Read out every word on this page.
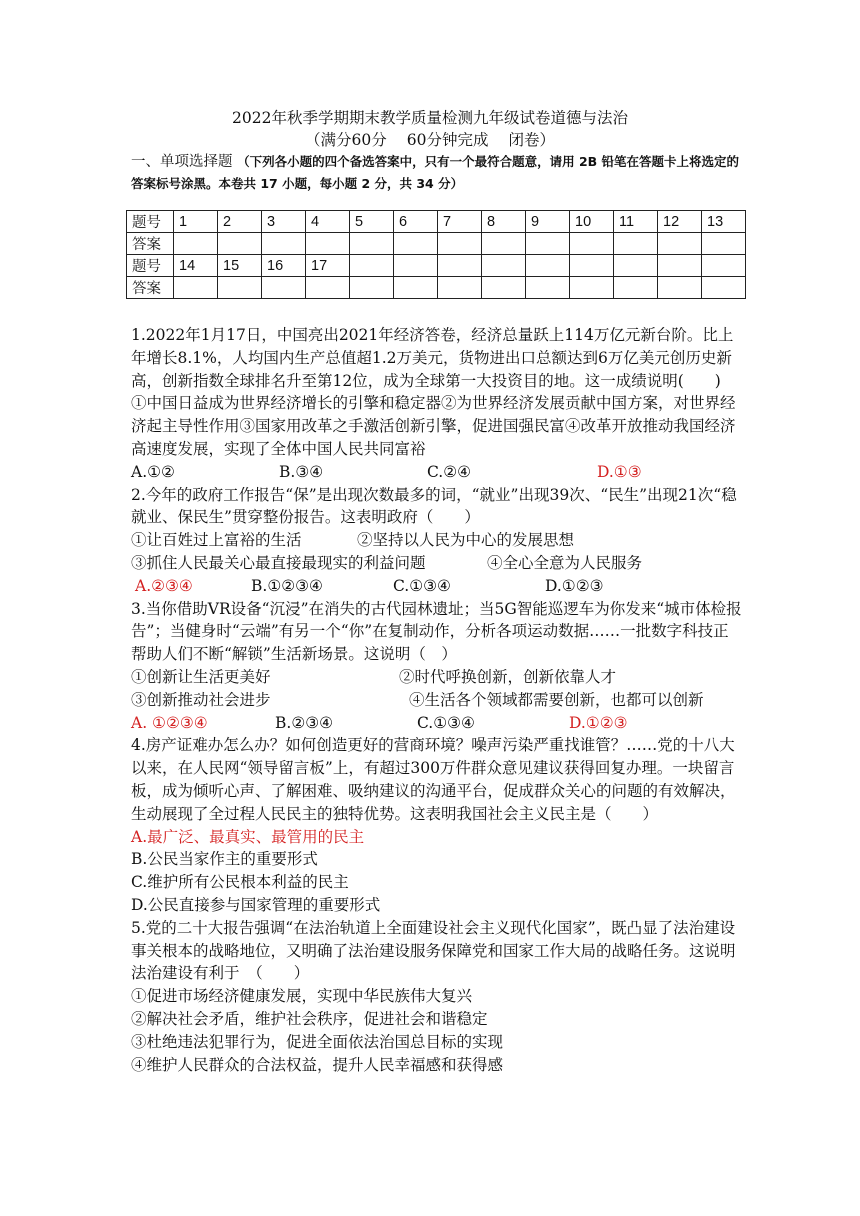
2022年秋季学期期末教学质量检测九年级试卷道德与法治
（满分60分 60分钟完成 闭卷）
一、单项选择题 （下列各小题的四个备选答案中，只有一个最符合题意，请用 2B 铅笔在答题卡上将选定的答案标号涂黑。本卷共 17 小题，每小题 2 分，共 34 分）
题号	1	2	3	4	5	6	7	8	9	10	11	12	13
答案													
题号	14	15	16	17									
答案													

1.2022年1月17日，中国亮出2021年经济答卷，经济总量跃上114万亿元新台阶。比上年增长8.1%，人均国内生产总值超1.2万美元，货物进出口总额达到6万亿美元创历史新高，创新指数全球排名升至第12位，成为全球第一大投资目的地。这一成绩说明(　　)

①中国日益成为世界经济增长的引擎和稳定器②为世界经济发展贡献中国方案，对世界经济起主导性作用③国家用改革之手激活创新引擎，促进国强民富④改革开放推动我国经济高速度发展，实现了全体中国人民共同富裕

A.①②	B.③④	C.②④	D.①③

2.今年的政府工作报告“保”是出现次数最多的词，“就业”出现39次、“民生”出现21次“稳就业、保民生”贯穿整份报告。这表明政府（　　）

①让百姓过上富裕的生活	②坚持以人民为中心的发展思想
③抓住人民最关心最直接最现实的利益问题	④全心全意为人民服务
A.②③④	B.①②③④	C.①③④	D.①②③

3.当你借助VR设备“沉浸”在消失的古代园林遗址；当5G智能巡逻车为你发来“城市体检报告”；当健身时“云端”有另一个“你”在复制动作，分析各项运动数据……一批数字科技正帮助人们不断“解锁”生活新场景。这说明（　）

①创新让生活更美好	②时代呼换创新，创新依靠人才
③创新推动社会进步	④生活各个领域都需要创新，也都可以创新
A. ①②③④	B.②③④	C.①③④	D.①②③

4.房产证难办怎么办？如何创造更好的营商环境？噪声污染严重找谁管？……党的十八大以来，在人民网“领导留言板”上，有超过300万件群众意见建议获得回复办理。一块留言板，成为倾听心声、了解困难、吸纳建议的沟通平台，促成群众关心的问题的有效解决，生动展现了全过程人民民主的独特优势。这表明我国社会主义民主是（　　）

A.最广泛、最真实、最管用的民主

B.公民当家作主的重要形式

C.维护所有公民根本利益的民主

D.公民直接参与国家管理的重要形式

5.党的二十大报告强调“在法治轨道上全面建设社会主义现代化国家”，既凸显了法治建设事关根本的战略地位，又明确了法治建设服务保障党和国家工作大局的战略任务。这说明法治建设有利于　（　　）

①促进市场经济健康发展，实现中华民族伟大复兴

②解决社会矛盾，维护社会秩序，促进社会和谐稳定

③杜绝违法犯罪行为，促进全面依法治国总目标的实现

④维护人民群众的合法权益，提升人民幸福感和获得感
